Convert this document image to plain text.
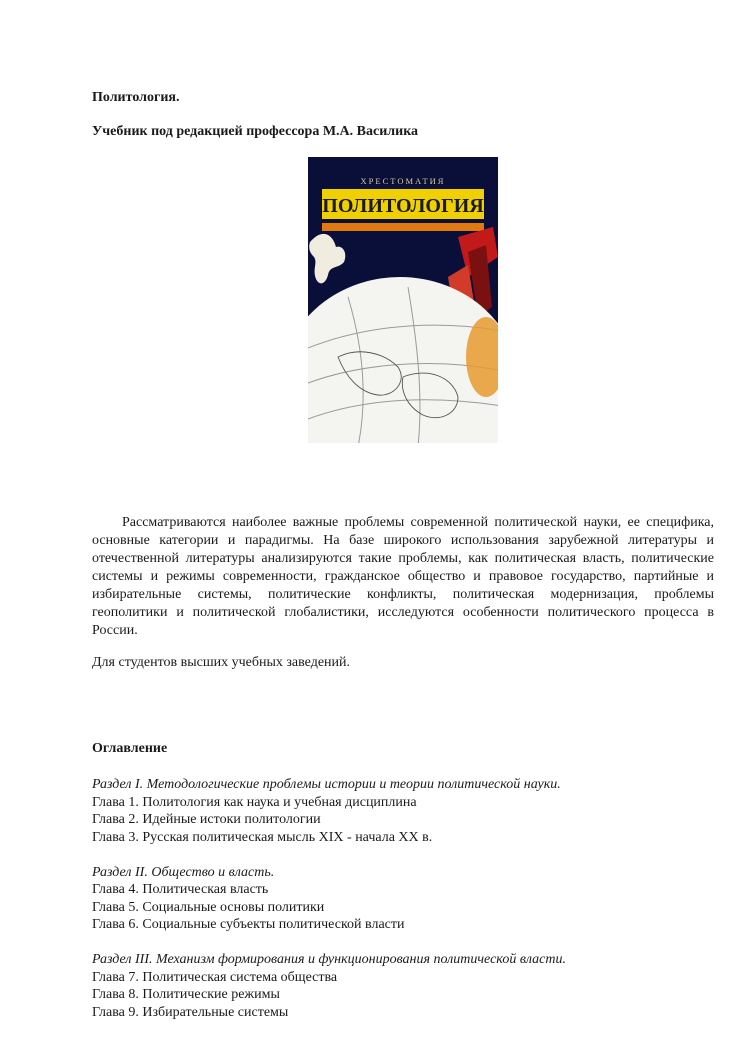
Политология.

Учебник под редакцией профессора М.А. Василика

ХРЕСТОМАТИЯ
ПОЛИТОЛОГИЯ

Рассматриваются наиболее важные проблемы современной политической науки, ее специфика, основные категории и парадигмы. На базе широкого использования зарубежной литературы и отечественной литературы анализируются такие проблемы, как политическая власть, политические системы и режимы современности, гражданское общество и правовое государство, партийные и избирательные системы, политические конфликты, политическая модернизация, проблемы геополитики и политической глобалистики, исследуются особенности политического процесса в России.

Для студентов высших учебных заведений.

Оглавление

Раздел I. Методологические проблемы истории и теории политической науки.
Глава 1. Политология как наука и учебная дисциплина
Глава 2. Идейные истоки политологии
Глава 3. Русская политическая мысль XIX - начала XX в.
Раздел II. Общество и власть.
Глава 4. Политическая власть
Глава 5. Социальные основы политики
Глава 6. Социальные субъекты политической власти
Раздел III. Механизм формирования и функционирования политической власти.
Глава 7. Политическая система общества
Глава 8. Политические режимы
Глава 9. Избирательные системы
